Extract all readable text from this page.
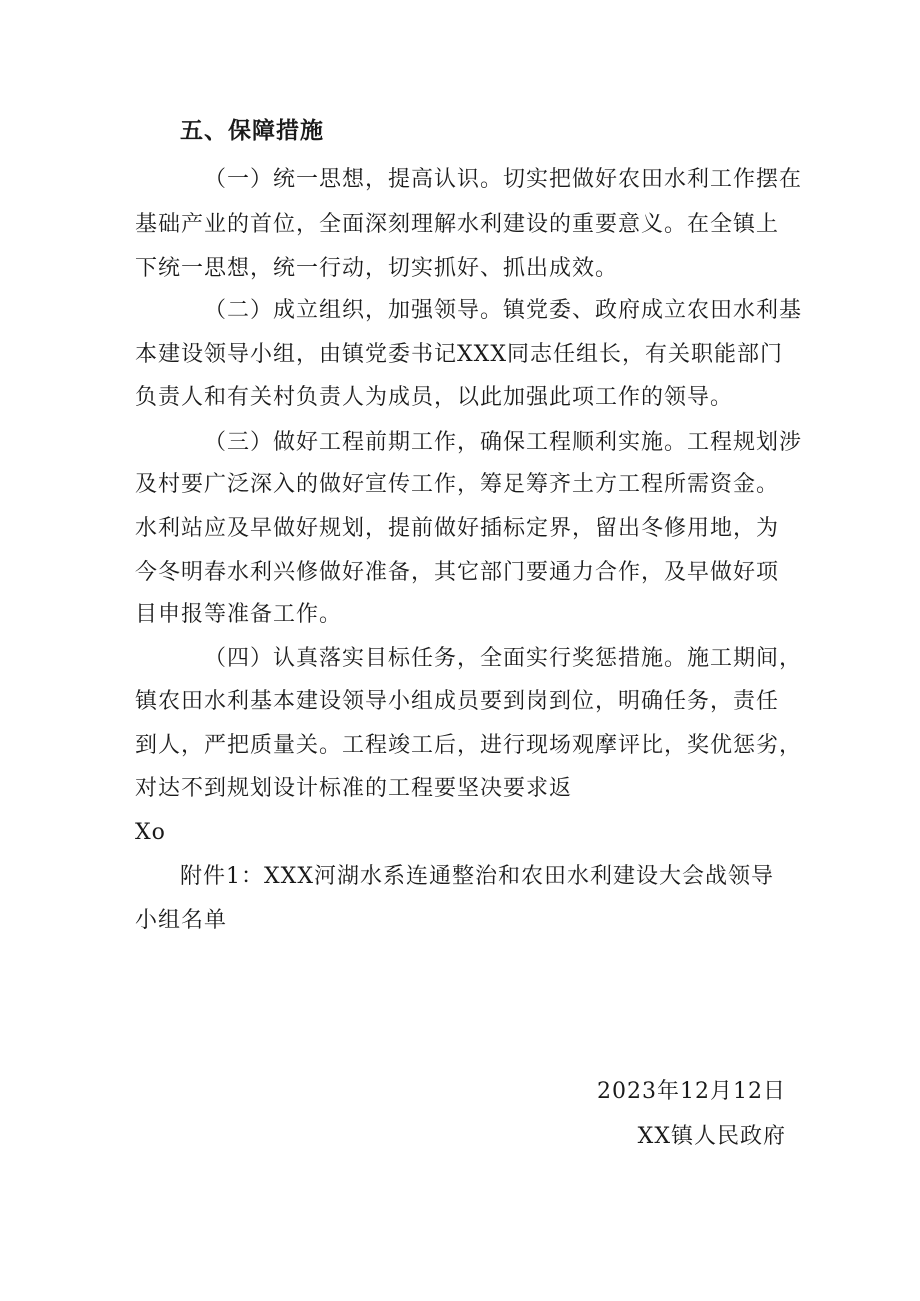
五、保障措施
（一）统一思想，提高认识。切实把做好农田水利工作摆在
基础产业的首位，全面深刻理解水利建设的重要意义。在全镇上
下统一思想，统一行动，切实抓好、抓出成效。
（二）成立组织，加强领导。镇党委、政府成立农田水利基
本建设领导小组，由镇党委书记XXX同志任组长，有关职能部门
负责人和有关村负责人为成员，以此加强此项工作的领导。
（三）做好工程前期工作，确保工程顺利实施。工程规划涉
及村要广泛深入的做好宣传工作，筹足筹齐土方工程所需资金。
水利站应及早做好规划，提前做好插标定界，留出冬修用地，为
今冬明春水利兴修做好准备，其它部门要通力合作，及早做好项
目申报等准备工作。
（四）认真落实目标任务，全面实行奖惩措施。施工期间，
镇农田水利基本建设领导小组成员要到岗到位，明确任务，责任
到人，严把质量关。工程竣工后，进行现场观摩评比，奖优惩劣，
对达不到规划设计标准的工程要坚决要求返
Xo
附件1：XXX河湖水系连通整治和农田水利建设大会战领导
小组名单
2023年12月12日
XX镇人民政府
